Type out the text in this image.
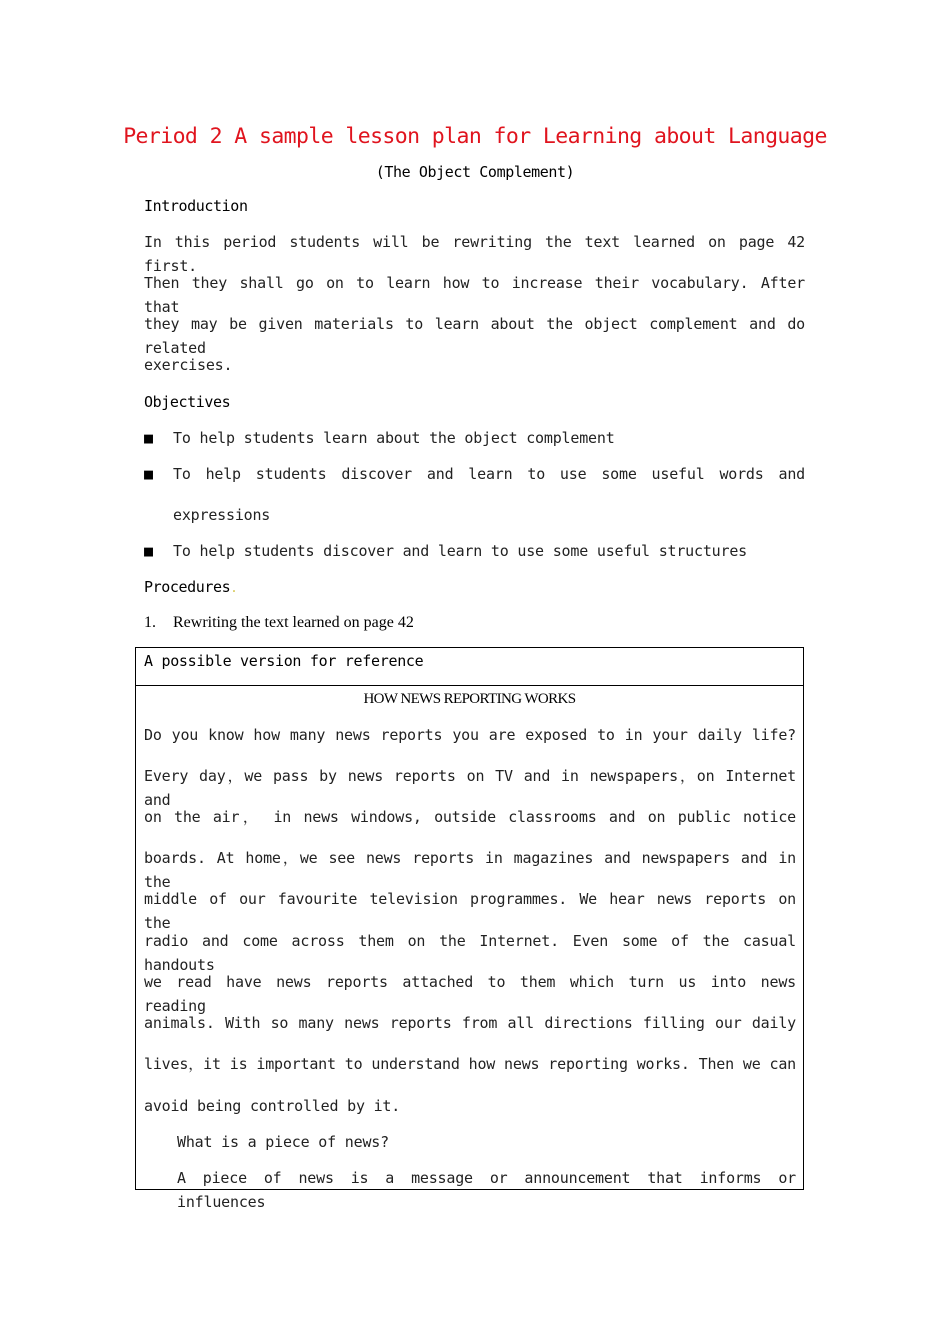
Period 2 A sample lesson plan for Learning about Language
(The Object Complement)
Introduction
In this period students will be rewriting the text learned on page 42 first.
Then they shall go on to learn how to increase their vocabulary. After that
they may be given materials to learn about the object complement and do related
exercises.
Objectives
■ To help students learn about the object complement
■ To help students discover and learn to use some useful words and
expressions
■ To help students discover and learn to use some useful structures
Procedures.
1. Rewriting the text learned on page 42
A possible version for reference
HOW NEWS REPORTING WORKS
Do you know how many news reports you are exposed to in your daily life?
Every day，we pass by news reports on TV and in newspapers，on Internet and
on the air， in news windows, outside classrooms and on public notice
boards. At home，we see news reports in magazines and newspapers and in the
middle of our favourite television programmes. We hear news reports on the
radio and come across them on the Internet. Even some of the casual handouts
we read have news reports attached to them which turn us into news reading
animals. With so many news reports from all directions filling our daily
lives，it is important to understand how news reporting works. Then we can
avoid being controlled by it.
What is a piece of news?
A piece of news is a message or announcement that informs or influences
